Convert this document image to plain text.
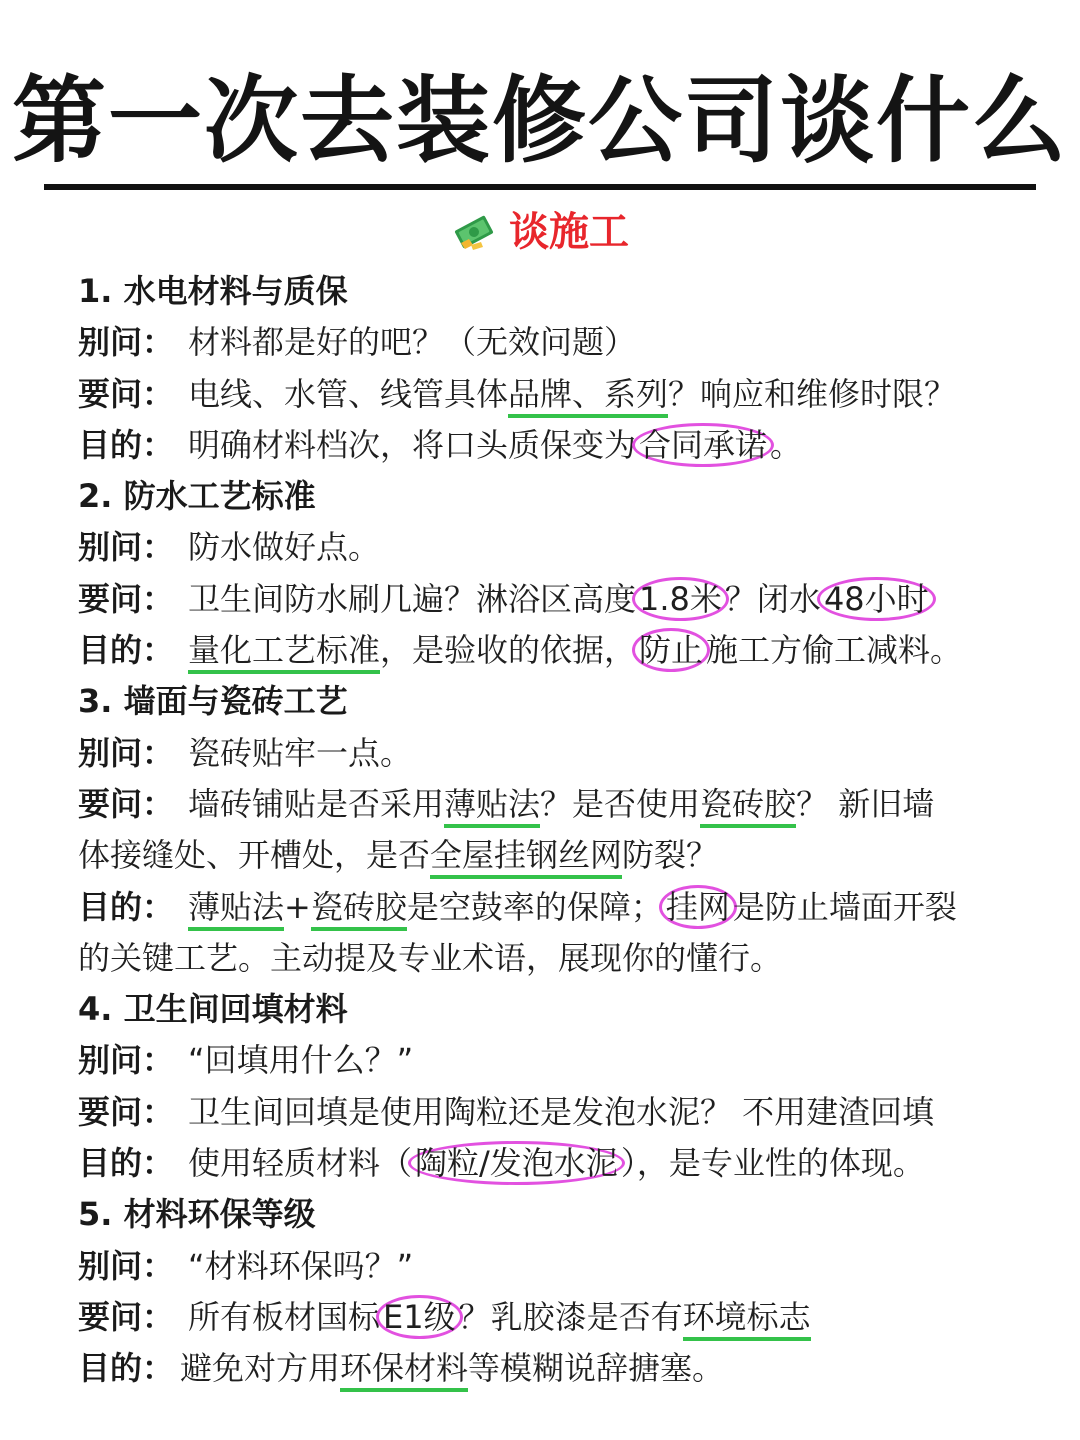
第一次去装修公司谈什么
谈施工
1. 水电材料与质保
别问： 材料都是好的吧？（无效问题）
要问： 电线、水管、线管具体品牌、系列？响应和维修时限？
目的： 明确材料档次，将口头质保变为合同承诺。
2. 防水工艺标准
别问： 防水做好点。
要问： 卫生间防水刷几遍？淋浴区高度1.8米？闭水48小时
目的： 量化工艺标准，是验收的依据，防止施工方偷工减料。
3. 墙面与瓷砖工艺
别问： 瓷砖贴牢一点。
要问： 墙砖铺贴是否采用薄贴法？是否使用瓷砖胶？ 新旧墙
体接缝处、开槽处，是否全屋挂钢丝网防裂？
目的： 薄贴法+瓷砖胶是空鼓率的保障；挂网是防止墙面开裂
的关键工艺。主动提及专业术语，展现你的懂行。
4. 卫生间回填材料
别问： “回填用什么？”
要问： 卫生间回填是使用陶粒还是发泡水泥？ 不用建渣回填
目的： 使用轻质材料（陶粒/发泡水泥），是专业性的体现。
5. 材料环保等级
别问： “材料环保吗？”
要问： 所有板材国标E1级？乳胶漆是否有环境标志
目的： 避免对方用环保材料等模糊说辞搪塞。
